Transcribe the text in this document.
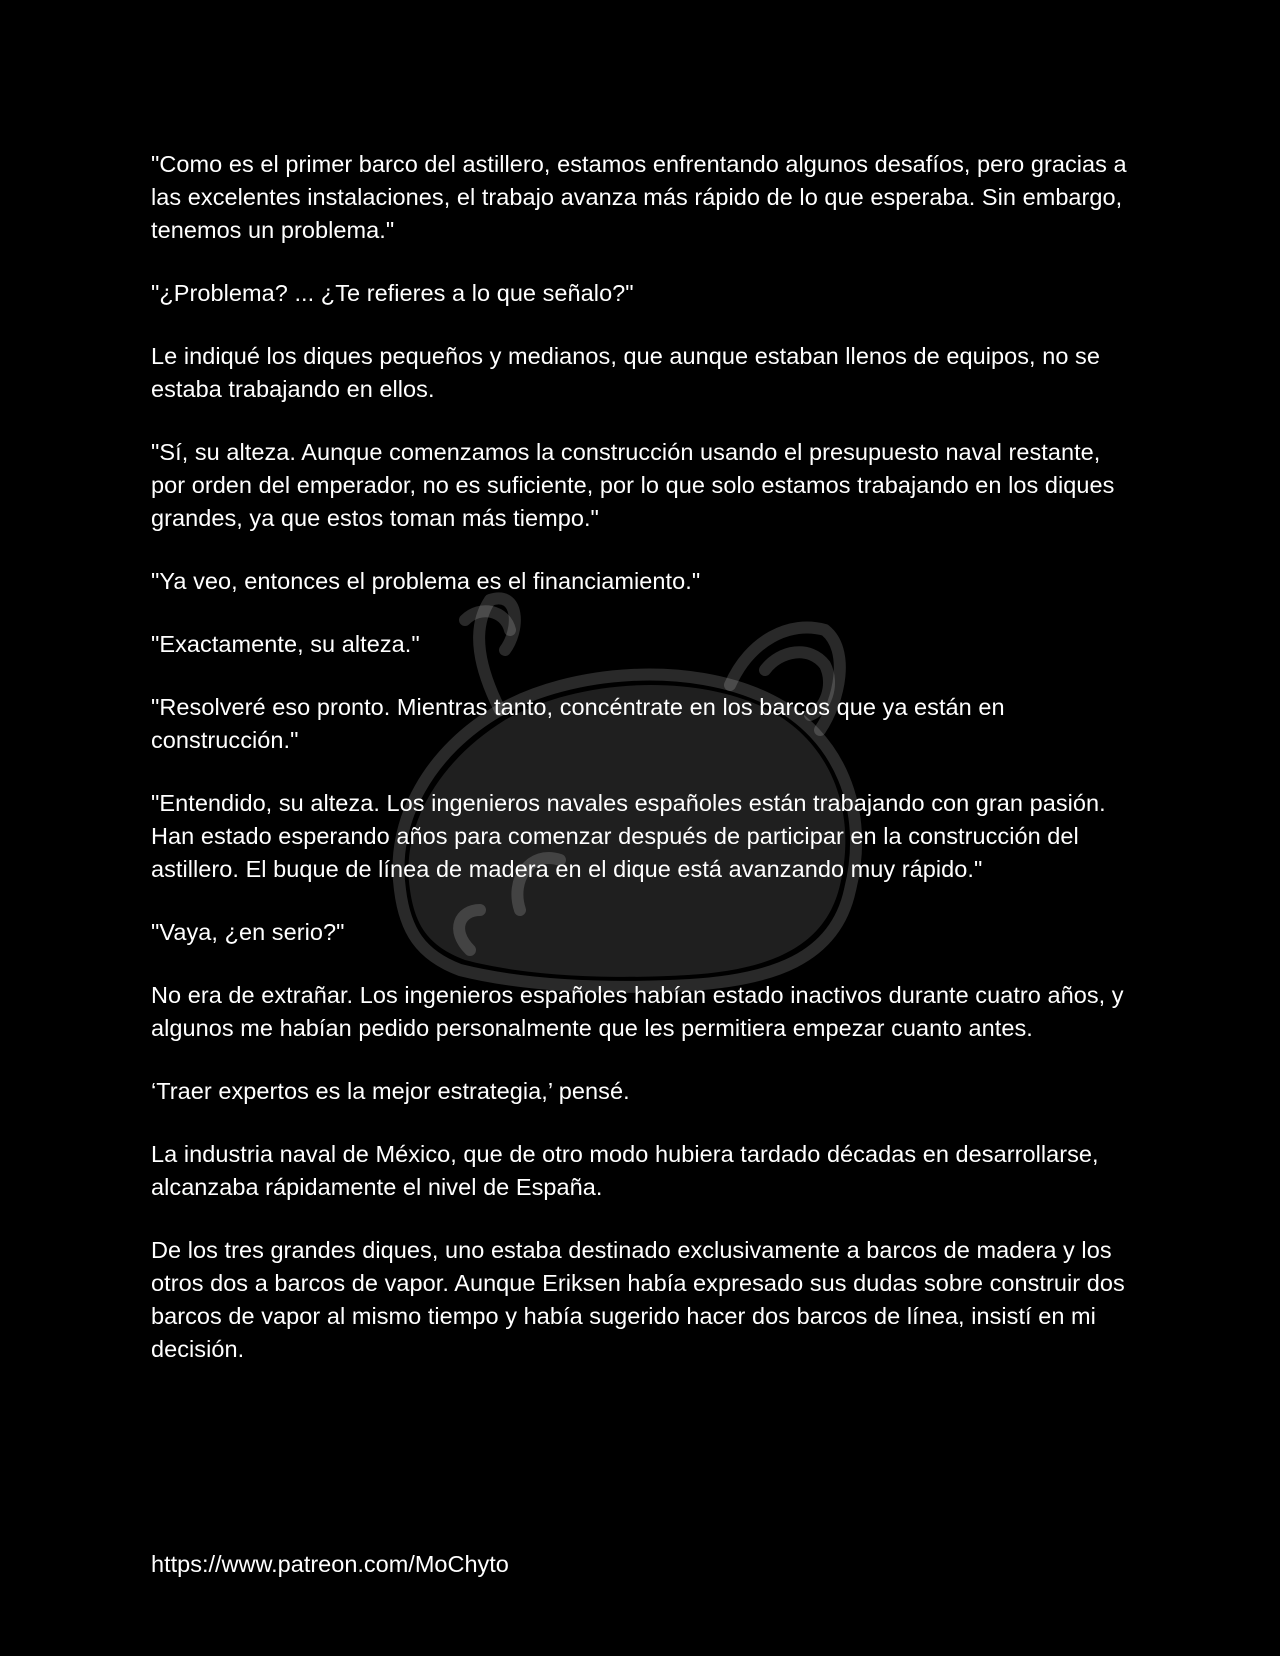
"Como es el primer barco del astillero, estamos enfrentando algunos desafíos, pero gracias a las excelentes instalaciones, el trabajo avanza más rápido de lo que esperaba. Sin embargo, tenemos un problema."

"¿Problema? ... ¿Te refieres a lo que señalo?"

Le indiqué los diques pequeños y medianos, que aunque estaban llenos de equipos, no se estaba trabajando en ellos.

"Sí, su alteza. Aunque comenzamos la construcción usando el presupuesto naval restante, por orden del emperador, no es suficiente, por lo que solo estamos trabajando en los diques grandes, ya que estos toman más tiempo."

"Ya veo, entonces el problema es el financiamiento."

"Exactamente, su alteza."

"Resolveré eso pronto. Mientras tanto, concéntrate en los barcos que ya están en construcción."

"Entendido, su alteza. Los ingenieros navales españoles están trabajando con gran pasión. Han estado esperando años para comenzar después de participar en la construcción del astillero. El buque de línea de madera en el dique está avanzando muy rápido."

"Vaya, ¿en serio?"

No era de extrañar. Los ingenieros españoles habían estado inactivos durante cuatro años, y algunos me habían pedido personalmente que les permitiera empezar cuanto antes.

‘Traer expertos es la mejor estrategia,’ pensé.

La industria naval de México, que de otro modo hubiera tardado décadas en desarrollarse, alcanzaba rápidamente el nivel de España.

De los tres grandes diques, uno estaba destinado exclusivamente a barcos de madera y los otros dos a barcos de vapor. Aunque Eriksen había expresado sus dudas sobre construir dos barcos de vapor al mismo tiempo y había sugerido hacer dos barcos de línea, insistí en mi decisión.

https://www.patreon.com/MoChyto
